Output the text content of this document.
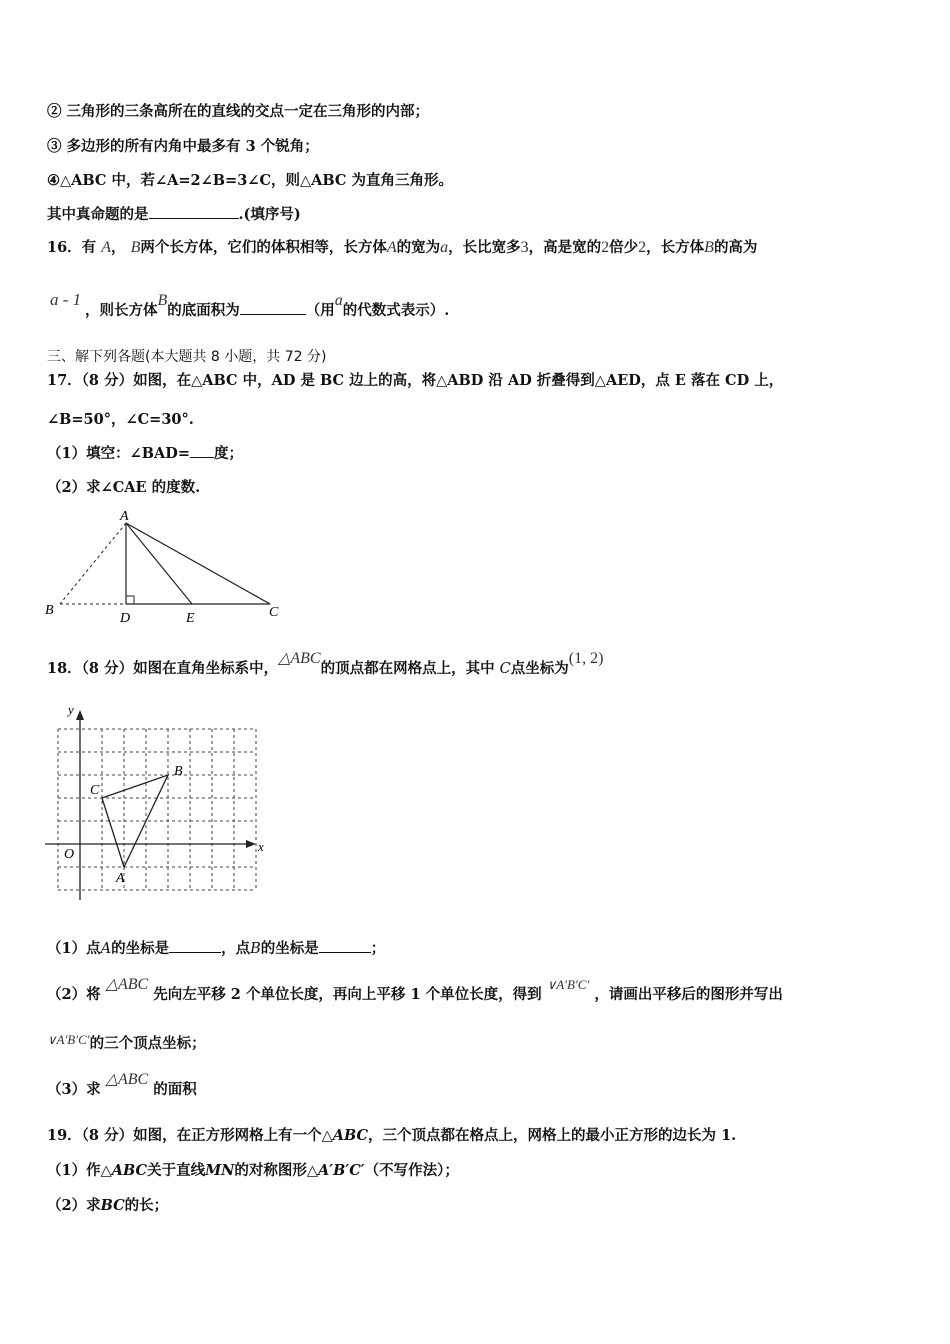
② 三角形的三条高所在的直线的交点一定在三角形的内部；
③ 多边形的所有内角中最多有 3 个锐角；
④△ABC 中，若∠A=2∠B=3∠C，则△ABC 为直角三角形。
其中真命题的是	.(填序号)
16．有 A， B两个长方体，它们的体积相等，长方体A的宽为a，长比宽多3，高是宽的2倍少2，长方体B的高为
a - 1
，则长方体B的底面积为	（用a的代数式表示）.
三、解下列各题(本大题共 8 小题，共 72 分)
17．（8 分）如图，在△ABC 中，AD 是 BC 边上的高，将△ABD 沿 AD 折叠得到△AED，点 E 落在 CD 上，
∠B=50°，∠C=30°.
（1）填空：∠BAD= 度；
（2）求∠CAE 的度数.
A
B
D	E	C
18．（8 分）如图在直角坐标系中，△ABC的顶点都在网格点上，其中 C点坐标为(1, 2)
y
x
O
A
B
C
（1）点A的坐标是	，点B的坐标是	；
（2）将 △ABC 先向左平移 2 个单位长度，再向上平移 1 个单位长度，得到 ∨A′B′C′ ，请画出平移后的图形并写出
∨A′B′C′的三个顶点坐标；
（3）求 △ABC 的面积
19．（8 分）如图，在正方形网格上有一个△ABC，三个顶点都在格点上，网格上的最小正方形的边长为 1.
（1）作△ABC关于直线MN的对称图形△A′B′C′（不写作法）；
（2）求BC的长；
